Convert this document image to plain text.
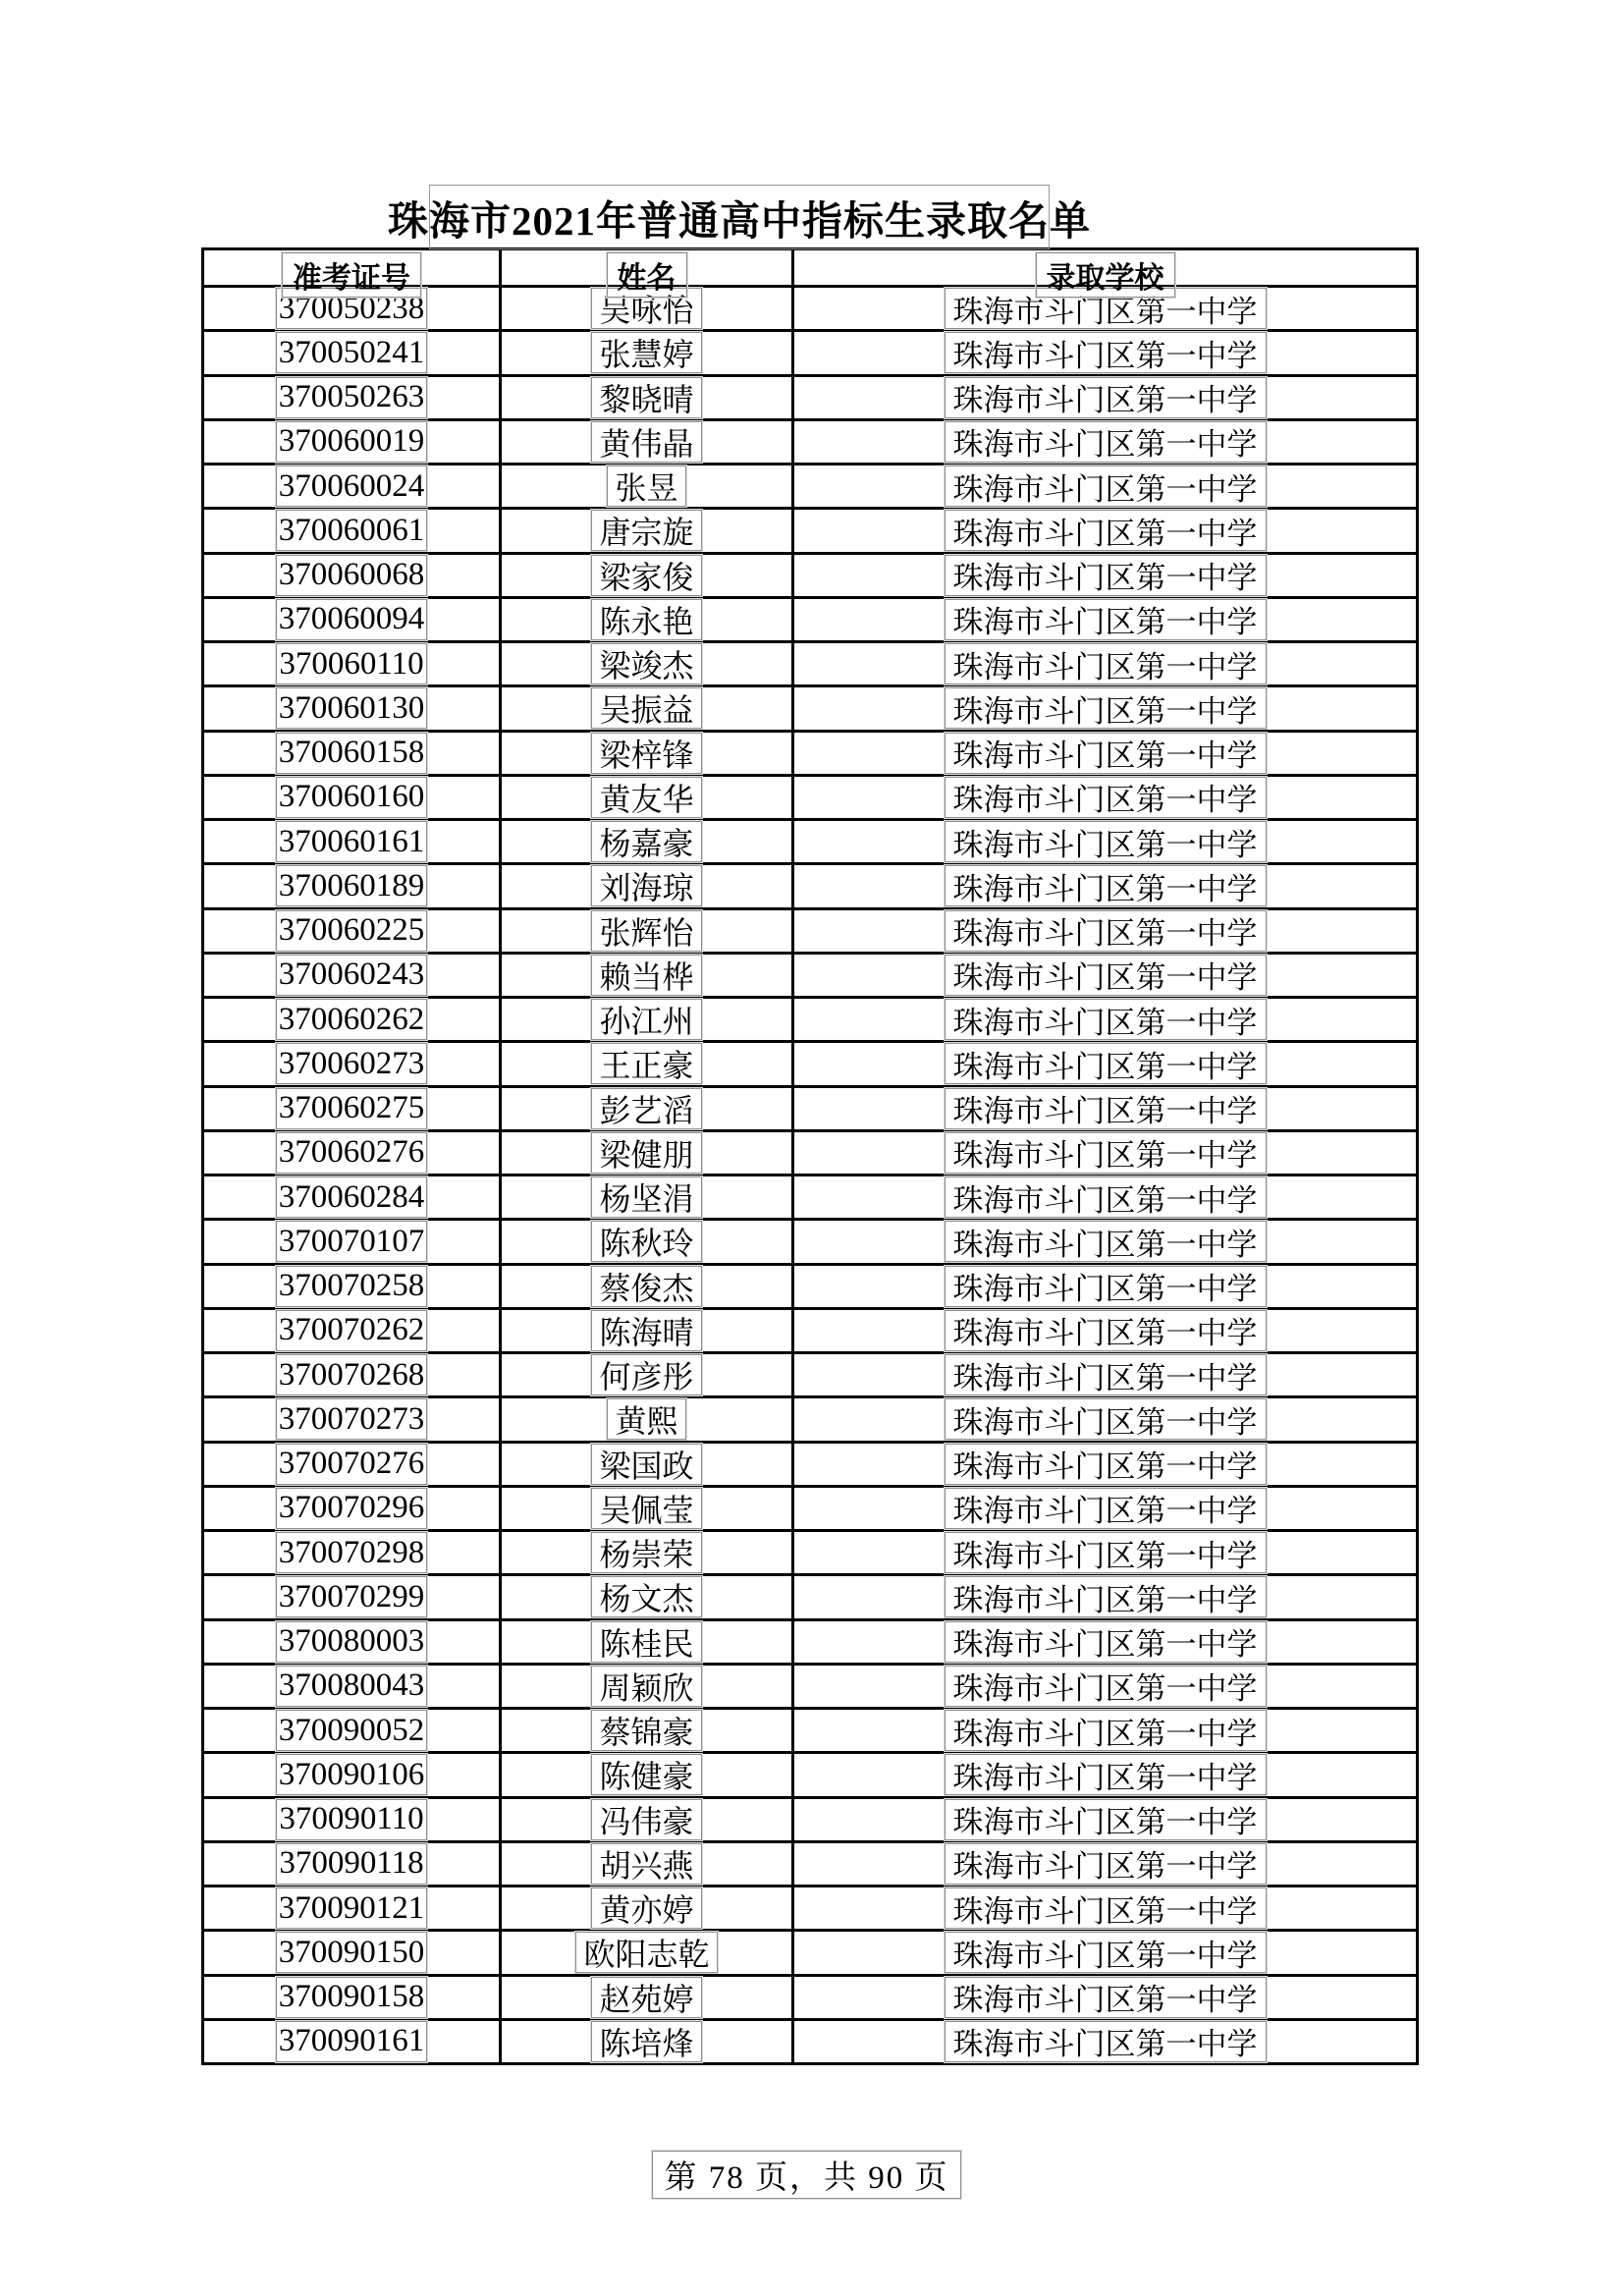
珠海市2021年普通高中指标生录取名单
准考证号	姓名	录取学校
370050238	吴咏怡	珠海市斗门区第一中学
370050241	张慧婷	珠海市斗门区第一中学
370050263	黎晓晴	珠海市斗门区第一中学
370060019	黄伟晶	珠海市斗门区第一中学
370060024	张昱	珠海市斗门区第一中学
370060061	唐宗旋	珠海市斗门区第一中学
370060068	梁家俊	珠海市斗门区第一中学
370060094	陈永艳	珠海市斗门区第一中学
370060110	梁竣杰	珠海市斗门区第一中学
370060130	吴振益	珠海市斗门区第一中学
370060158	梁梓锋	珠海市斗门区第一中学
370060160	黄友华	珠海市斗门区第一中学
370060161	杨嘉豪	珠海市斗门区第一中学
370060189	刘海琼	珠海市斗门区第一中学
370060225	张辉怡	珠海市斗门区第一中学
370060243	赖当桦	珠海市斗门区第一中学
370060262	孙江州	珠海市斗门区第一中学
370060273	王正豪	珠海市斗门区第一中学
370060275	彭艺滔	珠海市斗门区第一中学
370060276	梁健朋	珠海市斗门区第一中学
370060284	杨坚涓	珠海市斗门区第一中学
370070107	陈秋玲	珠海市斗门区第一中学
370070258	蔡俊杰	珠海市斗门区第一中学
370070262	陈海晴	珠海市斗门区第一中学
370070268	何彦彤	珠海市斗门区第一中学
370070273	黄熙	珠海市斗门区第一中学
370070276	梁国政	珠海市斗门区第一中学
370070296	吴佩莹	珠海市斗门区第一中学
370070298	杨崇荣	珠海市斗门区第一中学
370070299	杨文杰	珠海市斗门区第一中学
370080003	陈桂民	珠海市斗门区第一中学
370080043	周颖欣	珠海市斗门区第一中学
370090052	蔡锦豪	珠海市斗门区第一中学
370090106	陈健豪	珠海市斗门区第一中学
370090110	冯伟豪	珠海市斗门区第一中学
370090118	胡兴燕	珠海市斗门区第一中学
370090121	黄亦婷	珠海市斗门区第一中学
370090150	欧阳志乾	珠海市斗门区第一中学
370090158	赵苑婷	珠海市斗门区第一中学
370090161	陈培烽	珠海市斗门区第一中学
第 78 页，共 90 页
